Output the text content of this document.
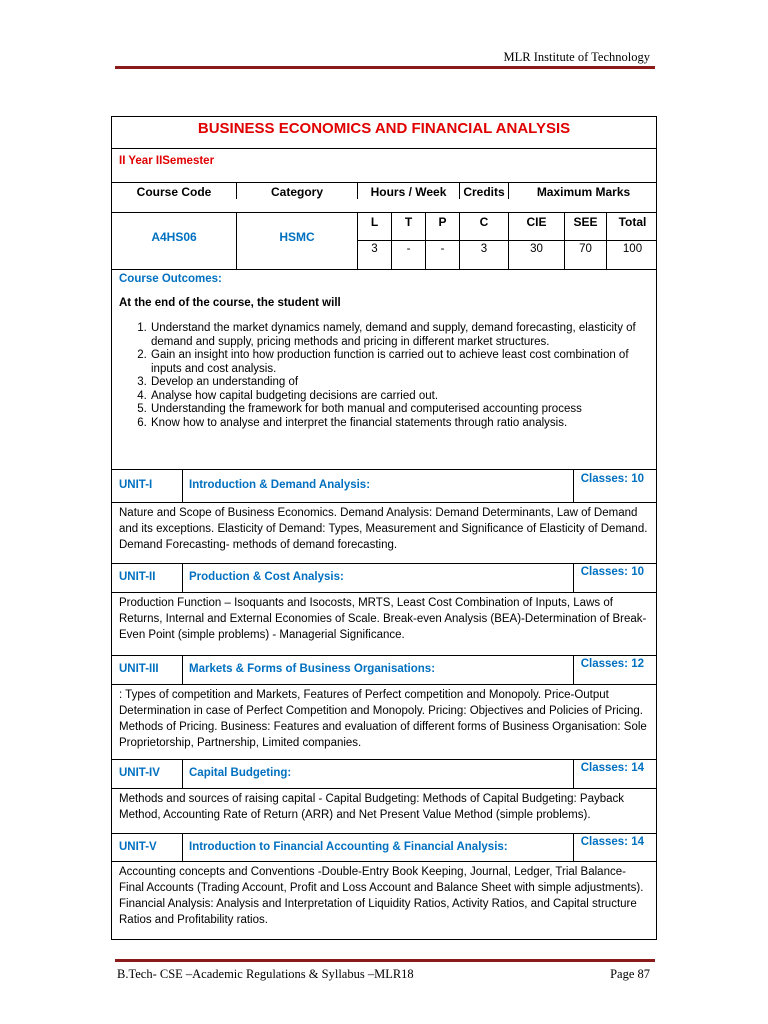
MLR Institute of Technology
BUSINESS ECONOMICS AND FINANCIAL ANALYSIS
II Year IISemester
Course Code	Category	Hours / Week	Credits	Maximum Marks
A4HS06	HSMC
L	T	P	C	CIE	SEE	Total
3	-	-	3	30	70	100
Course Outcomes:
At the end of the course, the student will
1. Understand the market dynamics namely, demand and supply, demand forecasting, elasticity of demand and supply, pricing methods and pricing in different market structures.
2. Gain an insight into how production function is carried out to achieve least cost combination of inputs and cost analysis.
3. Develop an understanding of
4. Analyse how capital budgeting decisions are carried out.
5. Understanding the framework for both manual and computerised accounting process
6. Know how to analyse and interpret the financial statements through ratio analysis.
UNIT-I	Introduction & Demand Analysis:	Classes: 10
Nature and Scope of Business Economics. Demand Analysis: Demand Determinants, Law of Demand and its exceptions. Elasticity of Demand: Types, Measurement and Significance of Elasticity of Demand. Demand Forecasting- methods of demand forecasting.
UNIT-II	Production & Cost Analysis:	Classes: 10
Production Function – Isoquants and Isocosts, MRTS, Least Cost Combination of Inputs, Laws of Returns, Internal and External Economies of Scale. Break-even Analysis (BEA)-Determination of Break-Even Point (simple problems) - Managerial Significance.
UNIT-III	Markets & Forms of Business Organisations:	Classes: 12
: Types of competition and Markets, Features of Perfect competition and Monopoly. Price-Output Determination in case of Perfect Competition and Monopoly. Pricing: Objectives and Policies of Pricing. Methods of Pricing. Business: Features and evaluation of different forms of Business Organisation: Sole Proprietorship, Partnership, Limited companies.
UNIT-IV	Capital Budgeting:	Classes: 14
Methods and sources of raising capital - Capital Budgeting: Methods of Capital Budgeting: Payback Method, Accounting Rate of Return (ARR) and Net Present Value Method (simple problems).
UNIT-V	Introduction to Financial Accounting & Financial Analysis:	Classes: 14
Accounting concepts and Conventions -Double-Entry Book Keeping, Journal, Ledger, Trial Balance- Final Accounts (Trading Account, Profit and Loss Account and Balance Sheet with simple adjustments). Financial Analysis: Analysis and Interpretation of Liquidity Ratios, Activity Ratios, and Capital structure Ratios and Profitability ratios.
B.Tech- CSE –Academic Regulations & Syllabus –MLR18	Page 87
